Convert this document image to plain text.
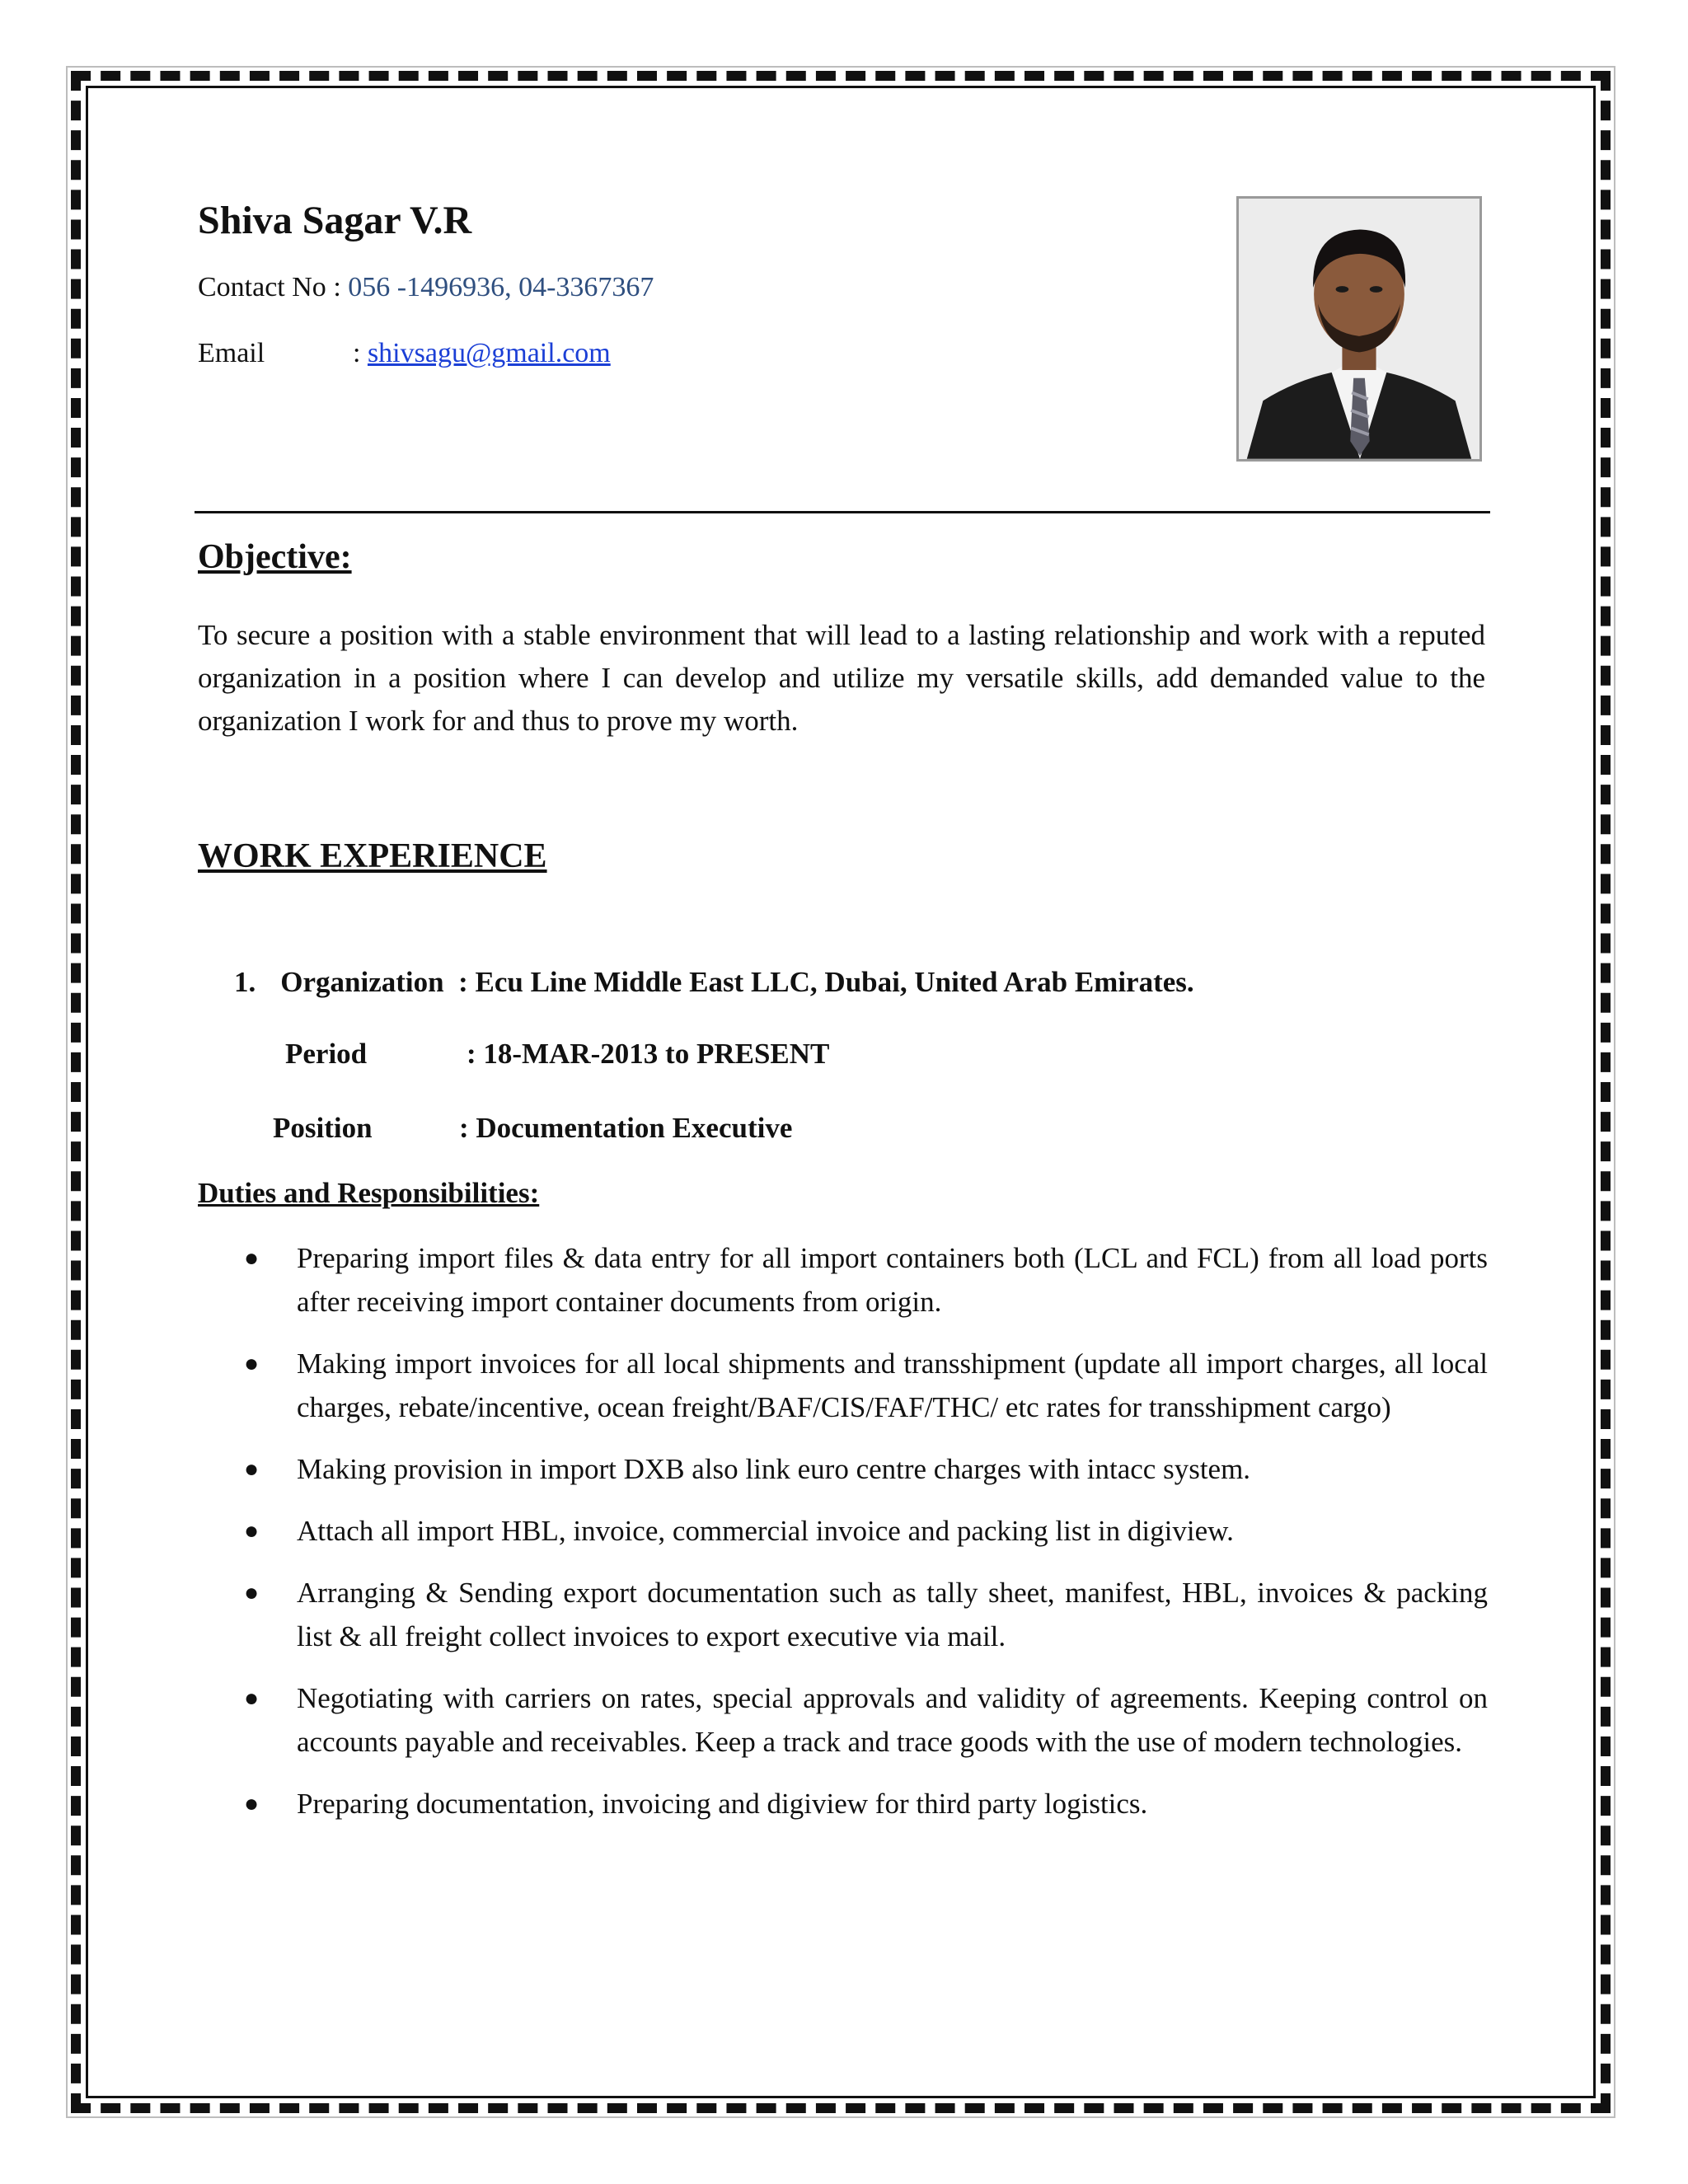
Shiva Sagar V.R
Contact No : 056 -1496936, 04-3367367
Email	: shivsagu@gmail.com
Objective:

To secure a position with a stable environment that will lead to a lasting relationship and work with a reputed organization in a position where I can develop and utilize my versatile skills, add demanded value to the organization I work for and thus to prove my worth.

WORK EXPERIENCE
1. Organization  : Ecu Line Middle East LLC, Dubai, United Arab Emirates.
Period	: 18-MAR-2013 to PRESENT
Position	: Documentation Executive
Duties and Responsibilities:
● Preparing import files & data entry for all import containers both (LCL and FCL) from all load ports after receiving import container documents from origin.
● Making import invoices for all local shipments and transshipment (update all import charges, all local charges, rebate/incentive, ocean freight/BAF/CIS/FAF/THC/ etc rates for transshipment cargo)
● Making provision in import DXB also link euro centre charges with intacc system.
● Attach all import HBL, invoice, commercial invoice and packing list in digiview.
● Arranging & Sending export documentation such as tally sheet, manifest, HBL, invoices & packing list & all freight collect invoices to export executive via mail.
● Negotiating with carriers on rates, special approvals and validity of agreements. Keeping control on accounts payable and receivables. Keep a track and trace goods with the use of modern technologies.
● Preparing documentation, invoicing and digiview for third party logistics.
